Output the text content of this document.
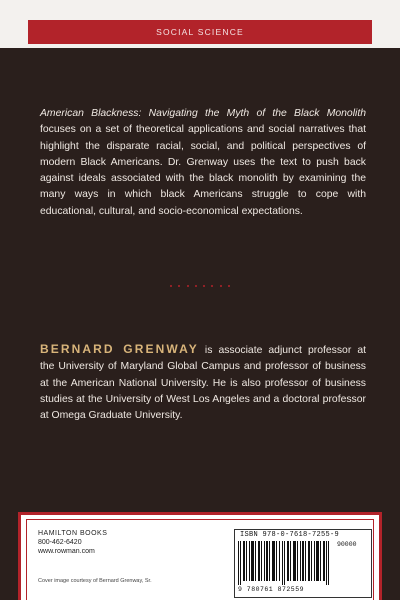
SOCIAL SCIENCE

American Blackness: Navigating the Myth of the Black Monolith focuses on a set of theoretical applications and social narratives that highlight the disparate racial, social, and political perspectives of modern Black Americans. Dr. Grenway uses the text to push back against ideals associated with the black monolith by examining the many ways in which black Americans struggle to cope with educational, cultural, and socio-economical expectations.

BERNARD GRENWAY is associate adjunct professor at the University of Maryland Global Campus and professor of business at the American National University. He is also professor of business studies at the University of West Los Angeles and a doctoral professor at Omega Graduate University.

HAMILTON BOOKS
800-462-6420
www.rowman.com
Cover image courtesy of Bernard Grenway, Sr.
ISBN 978-0-7618-7255-9
90000
9 780761 872559
